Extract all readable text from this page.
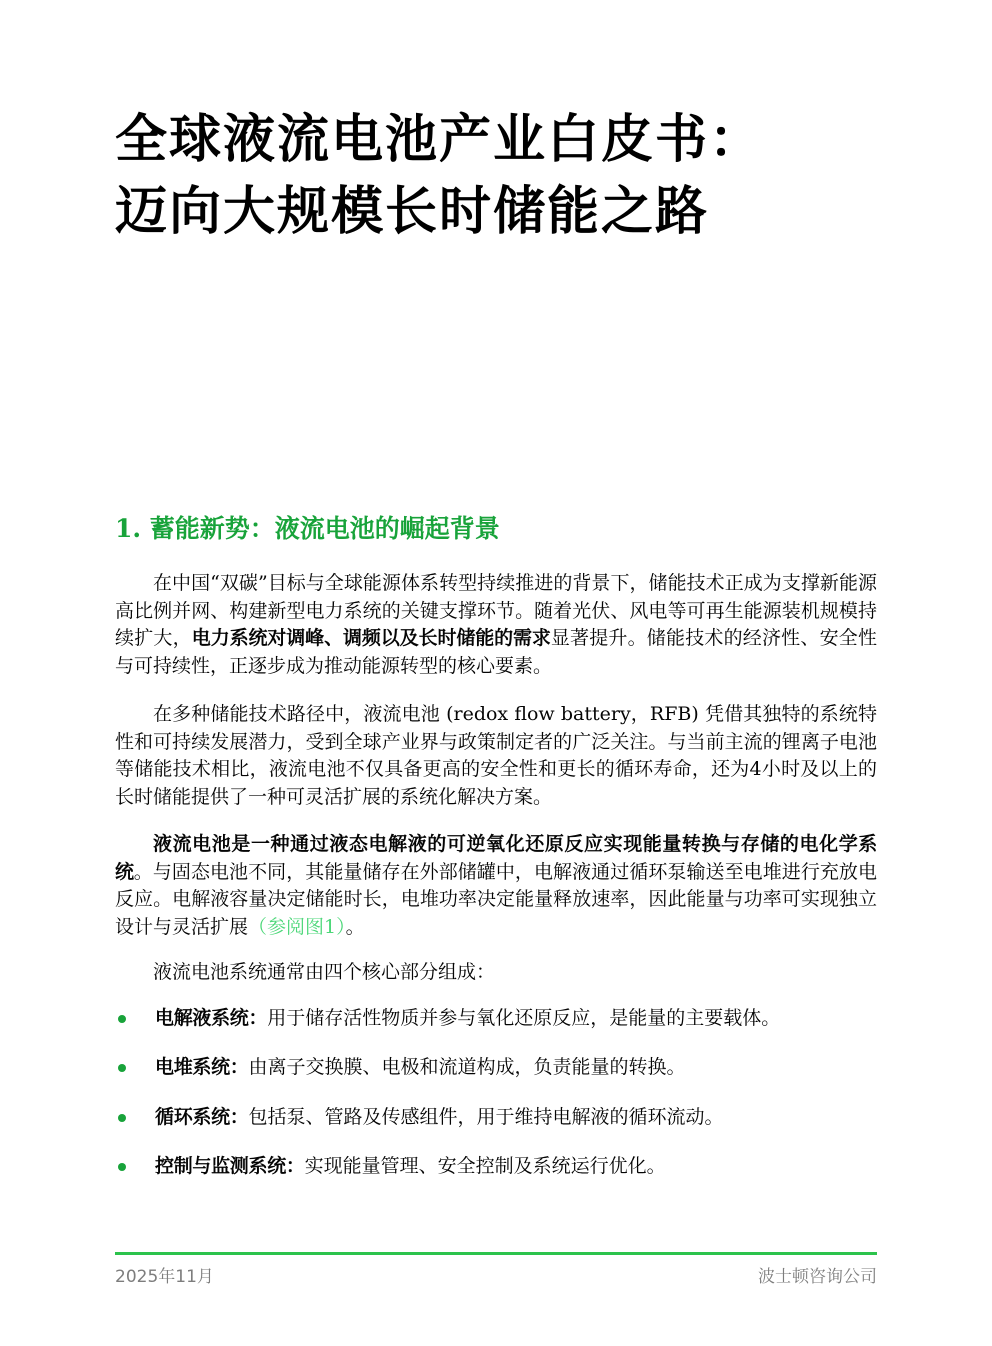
全球液流电池产业白皮书：
迈向大规模长时储能之路
1. 蓄能新势：液流电池的崛起背景

在中国“双碳”目标与全球能源体系转型持续推进的背景下，储能技术正成为支撑新能源高比例并网、构建新型电力系统的关键支撑环节。随着光伏、风电等可再生能源装机规模持续扩大，电力系统对调峰、调频以及长时储能的需求显著提升。储能技术的经济性、安全性与可持续性，正逐步成为推动能源转型的核心要素。

在多种储能技术路径中，液流电池 (redox flow battery，RFB) 凭借其独特的系统特性和可持续发展潜力，受到全球产业界与政策制定者的广泛关注。与当前主流的锂离子电池等储能技术相比，液流电池不仅具备更高的安全性和更长的循环寿命，还为4小时及以上的长时储能提供了一种可灵活扩展的系统化解决方案。

液流电池是一种通过液态电解液的可逆氧化还原反应实现能量转换与存储的电化学系统。与固态电池不同，其能量储存在外部储罐中，电解液通过循环泵输送至电堆进行充放电反应。电解液容量决定储能时长，电堆功率决定能量释放速率，因此能量与功率可实现独立设计与灵活扩展（参阅图1）。

液流电池系统通常由四个核心部分组成：

电解液系统：用于储存活性物质并参与氧化还原反应，是能量的主要载体。
电堆系统：由离子交换膜、电极和流道构成，负责能量的转换。
循环系统：包括泵、管路及传感组件，用于维持电解液的循环流动。
控制与监测系统：实现能量管理、安全控制及系统运行优化。
2025年11月	波士顿咨询公司
